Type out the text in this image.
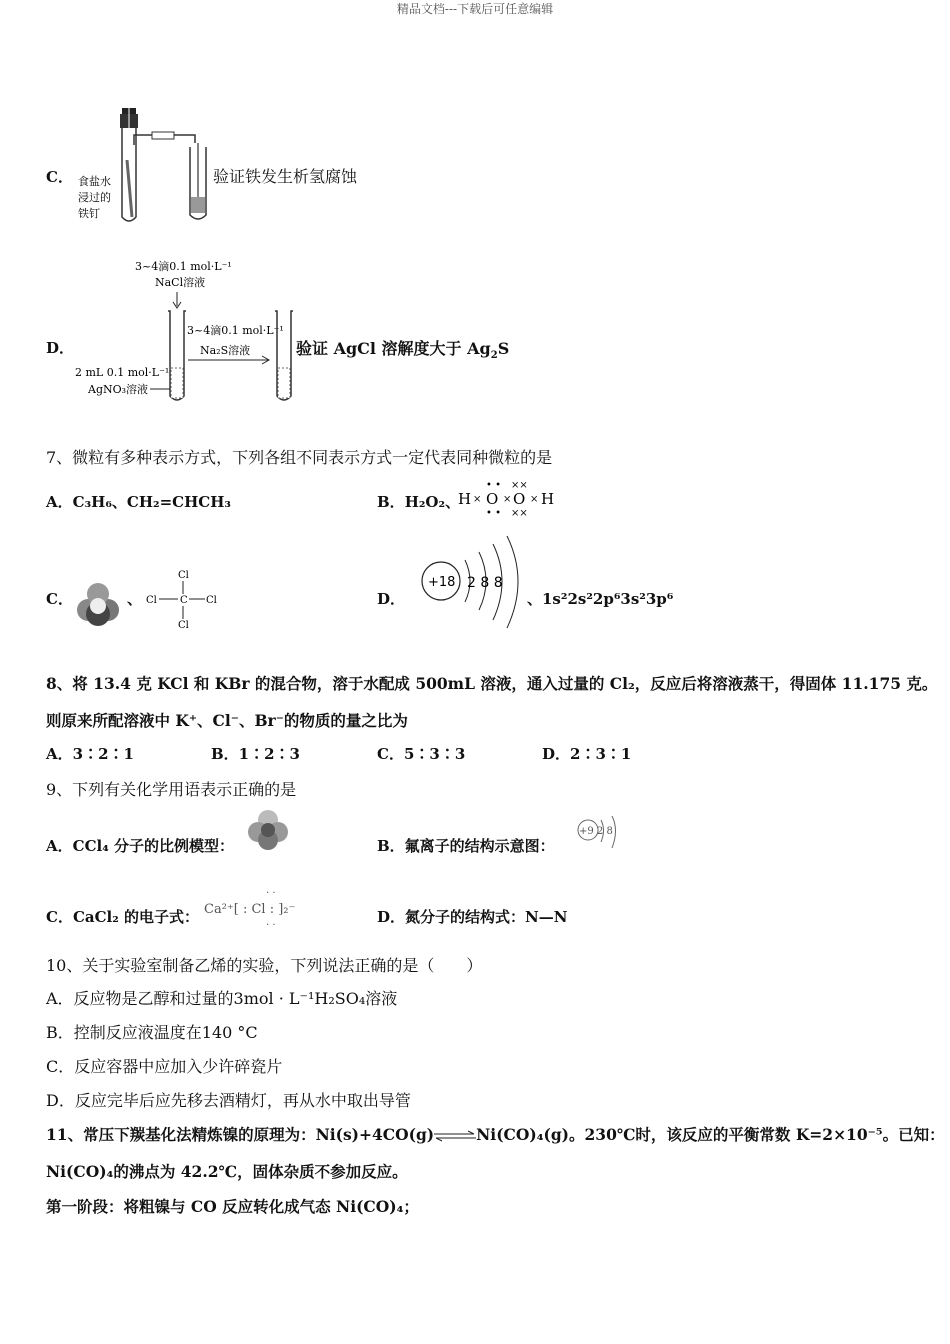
精品文档---下载后可任意编辑
C． 食盐水
浸过的
铁钉
验证铁发生析氢腐蚀
D．
3~4滴0.1 mol·L⁻¹
NaCl溶液
3~4滴0.1 mol·L⁻¹
Na₂S溶液
2 mL 0.1 mol·L⁻¹
AgNO₃溶液
验证 AgCl 溶解度大于 $Ag_2S$
7、微粒有多种表示方式，下列各组不同表示方式一定代表同种微粒的是
A．C₃H₆、CH₂=CHCH₃	B．H₂O₂、
H O O H
× × ×
• •
• •
××
××
C．	、
Cl
Cl
Cl	Cl
C	D．
+18 2 8 8
、1s²2s²2p⁶3s²3p⁶
8、将 13.4 克 KCl 和 KBr 的混合物，溶于水配成 500mL 溶液，通入过量的 Cl₂，反应后将溶液蒸干，得固体 11.175 克。
则原来所配溶液中 K⁺、Cl⁻、Br⁻的物质的量之比为
A．3∶2∶1	B．1∶2∶3	C．5∶3∶3	D．2∶3∶1
9、下列有关化学用语表示正确的是
A．CCl₄ 分子的比例模型：	B．氟离子的结构示意图：
+9 2 8
C．CaCl₂ 的电子式： Ca²⁺[ : Cl : ]₂⁻
· ·
· ·	D．氮分子的结构式：N—N
10、关于实验室制备乙烯的实验，下列说法正确的是（　　）
A．反应物是乙醇和过量的3mol · L⁻¹H₂SO₄溶液
B．控制反应液温度在140 °C
C．反应容器中应加入少许碎瓷片
D．反应完毕后应先移去酒精灯，再从水中取出导管
11、常压下羰基化法精炼镍的原理为：Ni(s)+4CO(g)⇌Ni(CO)₄(g)。230℃时，该反应的平衡常数 K=2×10⁻⁵。已知：
Ni(CO)₄的沸点为 42.2℃，固体杂质不参加反应。
第一阶段：将粗镍与 CO 反应转化成气态 Ni(CO)₄；
